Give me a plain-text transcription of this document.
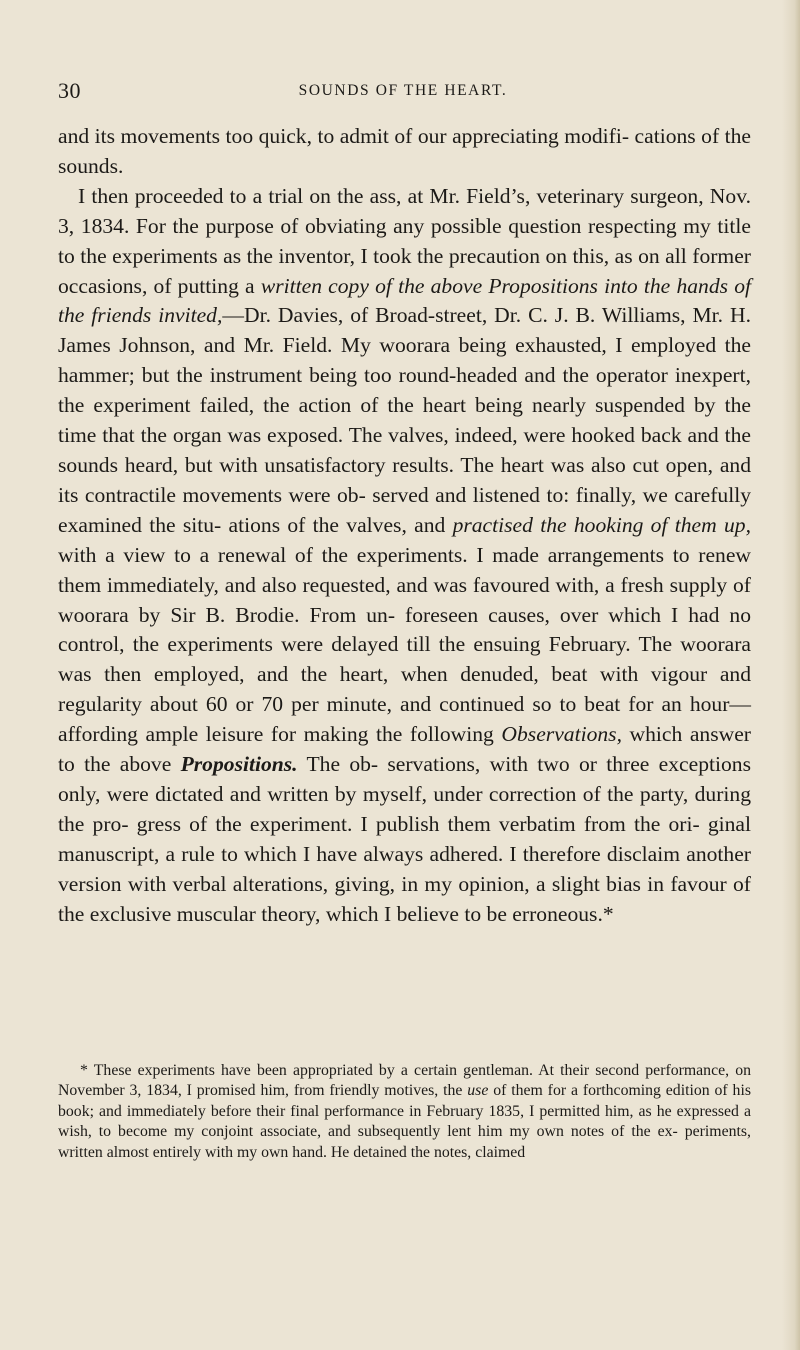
30	SOUNDS OF THE HEART.

and its movements too quick, to admit of our appreciating modifi- cations of the sounds.

I then proceeded to a trial on the ass, at Mr. Field’s, veterinary surgeon, Nov. 3, 1834. For the purpose of obviating any possible question respecting my title to the experiments as the inventor, I took the precaution on this, as on all former occasions, of putting a written copy of the above Propositions into the hands of the friends invited,—Dr. Davies, of Broad-street, Dr. C. J. B. Williams, Mr. H. James Johnson, and Mr. Field. My woorara being exhausted, I employed the hammer; but the instrument being too round-headed and the operator inexpert, the experiment failed, the action of the heart being nearly suspended by the time that the organ was exposed. The valves, indeed, were hooked back and the sounds heard, but with unsatisfactory results. The heart was also cut open, and its contractile movements were ob- served and listened to: finally, we carefully examined the situ- ations of the valves, and practised the hooking of them up, with a view to a renewal of the experiments. I made arrangements to renew them immediately, and also requested, and was favoured with, a fresh supply of woorara by Sir B. Brodie. From un- foreseen causes, over which I had no control, the experiments were delayed till the ensuing February. The woorara was then employed, and the heart, when denuded, beat with vigour and regularity about 60 or 70 per minute, and continued so to beat for an hour—affording ample leisure for making the following Observations, which answer to the above Propositions. The ob- servations, with two or three exceptions only, were dictated and written by myself, under correction of the party, during the pro- gress of the experiment. I publish them verbatim from the ori- ginal manuscript, a rule to which I have always adhered. I therefore disclaim another version with verbal alterations, giving, in my opinion, a slight bias in favour of the exclusive muscular theory, which I believe to be erroneous.*

* These experiments have been appropriated by a certain gentleman. At their second performance, on November 3, 1834, I promised him, from friendly motives, the use of them for a forthcoming edition of his book; and immediately before their final performance in February 1835, I permitted him, as he expressed a wish, to become my conjoint associate, and subsequently lent him my own notes of the ex- periments, written almost entirely with my own hand. He detained the notes, claimed
